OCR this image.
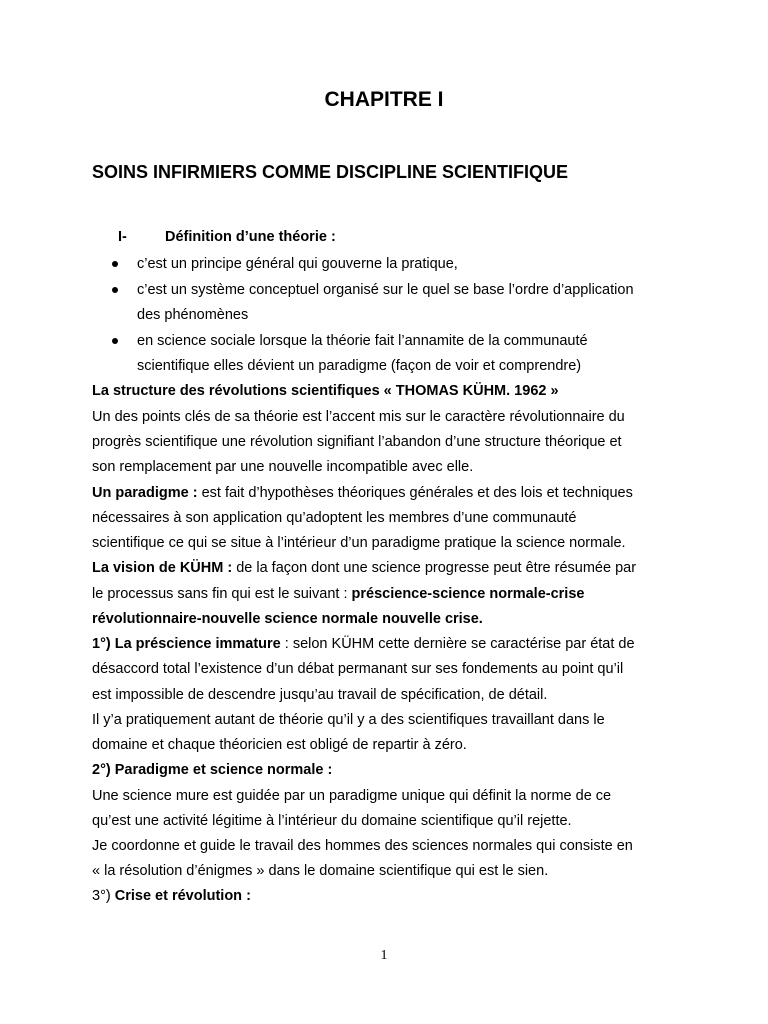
CHAPITRE I
SOINS INFIRMIERS COMME DISCIPLINE SCIENTIFIQUE
I-	Définition d’une théorie :
c’est un principe général qui gouverne la pratique,
c’est un système conceptuel organisé sur le quel se base l’ordre d’application
des phénomènes
en science sociale lorsque la théorie fait l’annamite de la communauté
scientifique elles dévient un paradigme (façon de voir et comprendre)
La structure des révolutions scientifiques « THOMAS KÜHM. 1962 »
Un des points clés de sa théorie est l’accent mis sur le caractère révolutionnaire du
progrès scientifique une révolution signifiant l’abandon d’une structure théorique et
son remplacement par une nouvelle incompatible avec elle.
Un paradigme : est fait d’hypothèses théoriques générales et des lois et techniques
nécessaires à son application qu’adoptent les membres d’une communauté
scientifique ce qui se situe à l’intérieur d’un paradigme pratique la science normale.
La vision de KÜHM : de la façon dont une science progresse peut être résumée par
le processus sans fin qui est le suivant : préscience-science normale-crise
révolutionnaire-nouvelle science normale nouvelle crise.
1°) La préscience immature : selon KÜHM cette dernière se caractérise par état de
désaccord total l’existence d’un débat permanant sur ses fondements au point qu’il
est impossible de descendre jusqu’au travail de spécification, de détail.
Il y’a pratiquement autant de théorie qu’il y a des scientifiques travaillant dans le
domaine et chaque théoricien est obligé de repartir à zéro.
2°) Paradigme et science normale :
Une science mure est guidée par un paradigme unique qui définit la norme de ce
qu’est une activité légitime à l’intérieur du domaine scientifique qu’il rejette.
Je coordonne et guide le travail des hommes des sciences normales qui consiste en
« la résolution d’énigmes » dans le domaine scientifique qui est le sien.
3°) Crise et révolution :
1
